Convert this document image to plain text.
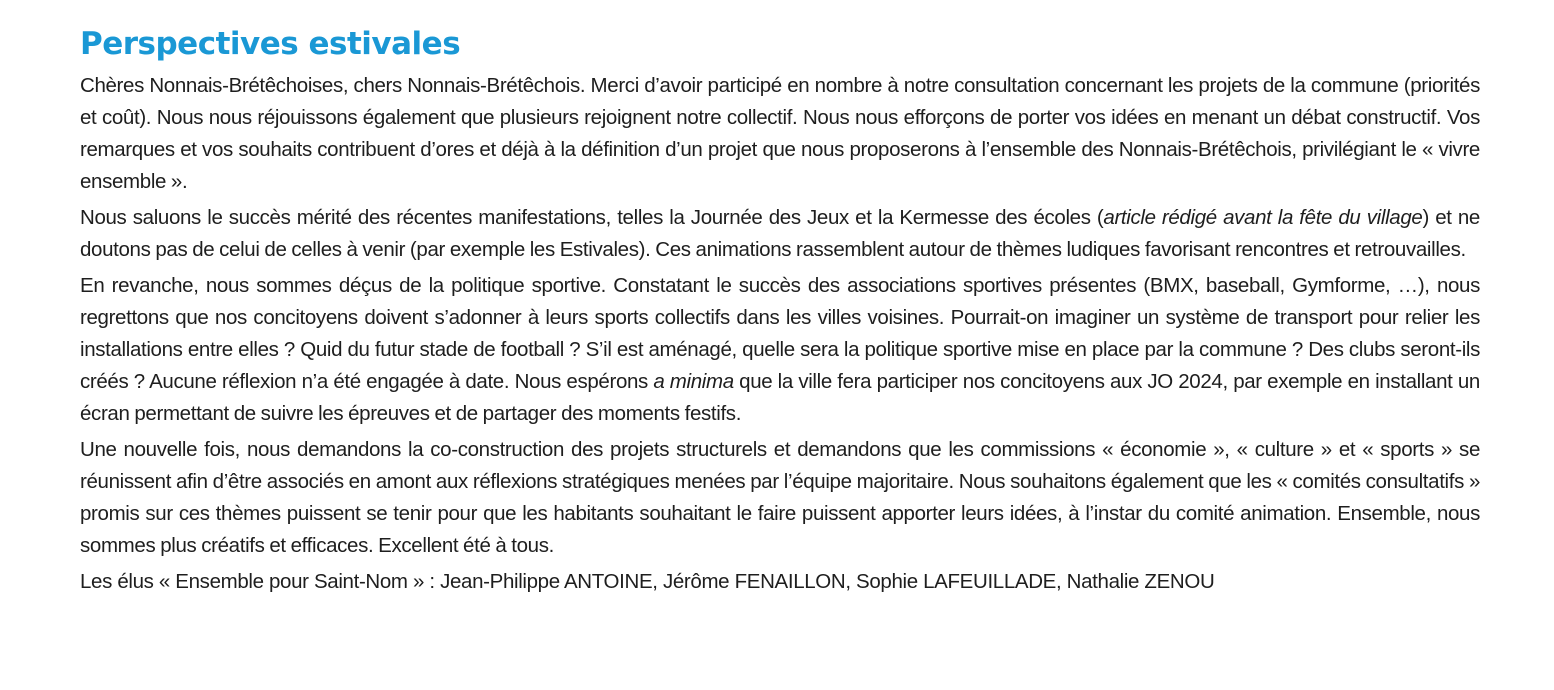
Perspectives estivales

Chères Nonnais-Brétêchoises, chers Nonnais-Brétêchois. Merci d’avoir participé en nombre à notre consultation concernant les projets de la commune (priorités et coût). Nous nous réjouissons également que plusieurs rejoignent notre collectif. Nous nous efforçons de porter vos idées en menant un débat constructif. Vos remarques et vos souhaits contribuent d’ores et déjà à la définition d’un projet que nous proposerons à l’ensemble des Nonnais-Brétêchois, privilégiant le « vivre ensemble ».

Nous saluons le succès mérité des récentes manifestations, telles la Journée des Jeux et la Kermesse des écoles (article rédigé avant la fête du village) et ne doutons pas de celui de celles à venir (par exemple les Estivales). Ces animations rassemblent autour de thèmes ludiques favorisant rencontres et retrouvailles.

En revanche, nous sommes déçus de la politique sportive. Constatant le succès des associations sportives présentes (BMX, baseball, Gymforme, …), nous regrettons que nos concitoyens doivent s’adonner à leurs sports collectifs dans les villes voisines. Pourrait-on imaginer un système de transport pour relier les installations entre elles ? Quid du futur stade de football ? S’il est aménagé, quelle sera la politique sportive mise en place par la commune ? Des clubs seront-ils créés ? Aucune réflexion n’a été engagée à date. Nous espérons a minima que la ville fera participer nos concitoyens aux JO 2024, par exemple en installant un écran permettant de suivre les épreuves et de partager des moments festifs.

Une nouvelle fois, nous demandons la co-construction des projets structurels et demandons que les commissions « économie », « culture » et « sports » se réunissent afin d’être associés en amont aux réflexions stratégiques menées par l’équipe majoritaire. Nous souhaitons également que les « comités consultatifs » promis sur ces thèmes puissent se tenir pour que les habitants souhaitant le faire puissent apporter leurs idées, à l’instar du comité animation. Ensemble, nous sommes plus créatifs et efficaces. Excellent été à tous.

Les élus « Ensemble pour Saint-Nom » : Jean-Philippe ANTOINE, Jérôme FENAILLON, Sophie LAFEUILLADE, Nathalie ZENOU
